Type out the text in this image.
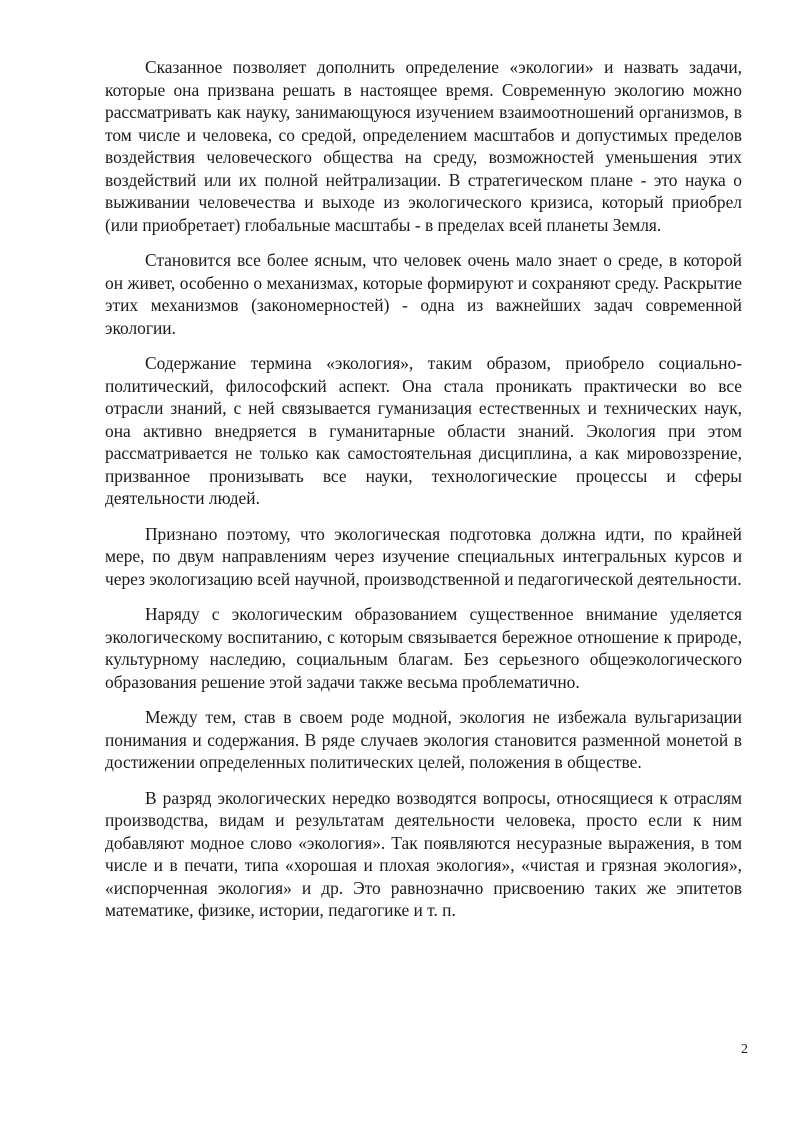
Сказанное позволяет дополнить определение «экологии» и назвать задачи, которые она призвана решать в настоящее время. Современную экологию можно рассматривать как науку, занимающуюся изучением взаимоотношений организмов, в том числе и человека, со средой, определением масштабов и допустимых пределов воздействия человеческого общества на среду, возможностей уменьшения этих воздействий или их полной нейтрализации. В стратегическом плане - это наука о выживании человечества и выходе из экологического кризиса, который приобрел (или приобретает) глобальные масштабы - в пределах всей планеты Земля.

Становится все более ясным, что человек очень мало знает о среде, в которой он живет, особенно о механизмах, которые формируют и сохраняют среду. Раскрытие этих механизмов (закономерностей) - одна из важнейших задач современной экологии.

Содержание термина «экология», таким образом, приобрело социально-политический, философский аспект. Она стала проникать практически во все отрасли знаний, с ней связывается гуманизация естественных и технических наук, она активно внедряется в гуманитарные области знаний. Экология при этом рассматривается не только как самостоятельная дисциплина, а как мировоззрение, призванное пронизывать все науки, технологические процессы и сферы деятельности людей.

Признано поэтому, что экологическая подготовка должна идти, по крайней мере, по двум направлениям через изучение специальных интегральных курсов и через экологизацию всей научной, производственной и педагогической деятельности.

Наряду с экологическим образованием существенное внимание уделяется экологическому воспитанию, с которым связывается бережное отношение к природе, культурному наследию, социальным благам. Без серьезного общеэкологического образования решение этой задачи также весьма проблематично.

Между тем, став в своем роде модной, экология не избежала вульгаризации понимания и содержания. В ряде случаев экология становится разменной монетой в достижении определенных политических целей, положения в обществе.

В разряд экологических нередко возводятся вопросы, относящиеся к отраслям производства, видам и результатам деятельности человека, просто если к ним добавляют модное слово «экология». Так появляются несуразные выражения, в том числе и в печати, типа «хорошая и плохая экология», «чистая и грязная экология», «испорченная экология» и др. Это равнозначно присвоению таких же эпитетов математике, физике, истории, педагогике и т. п.

2
